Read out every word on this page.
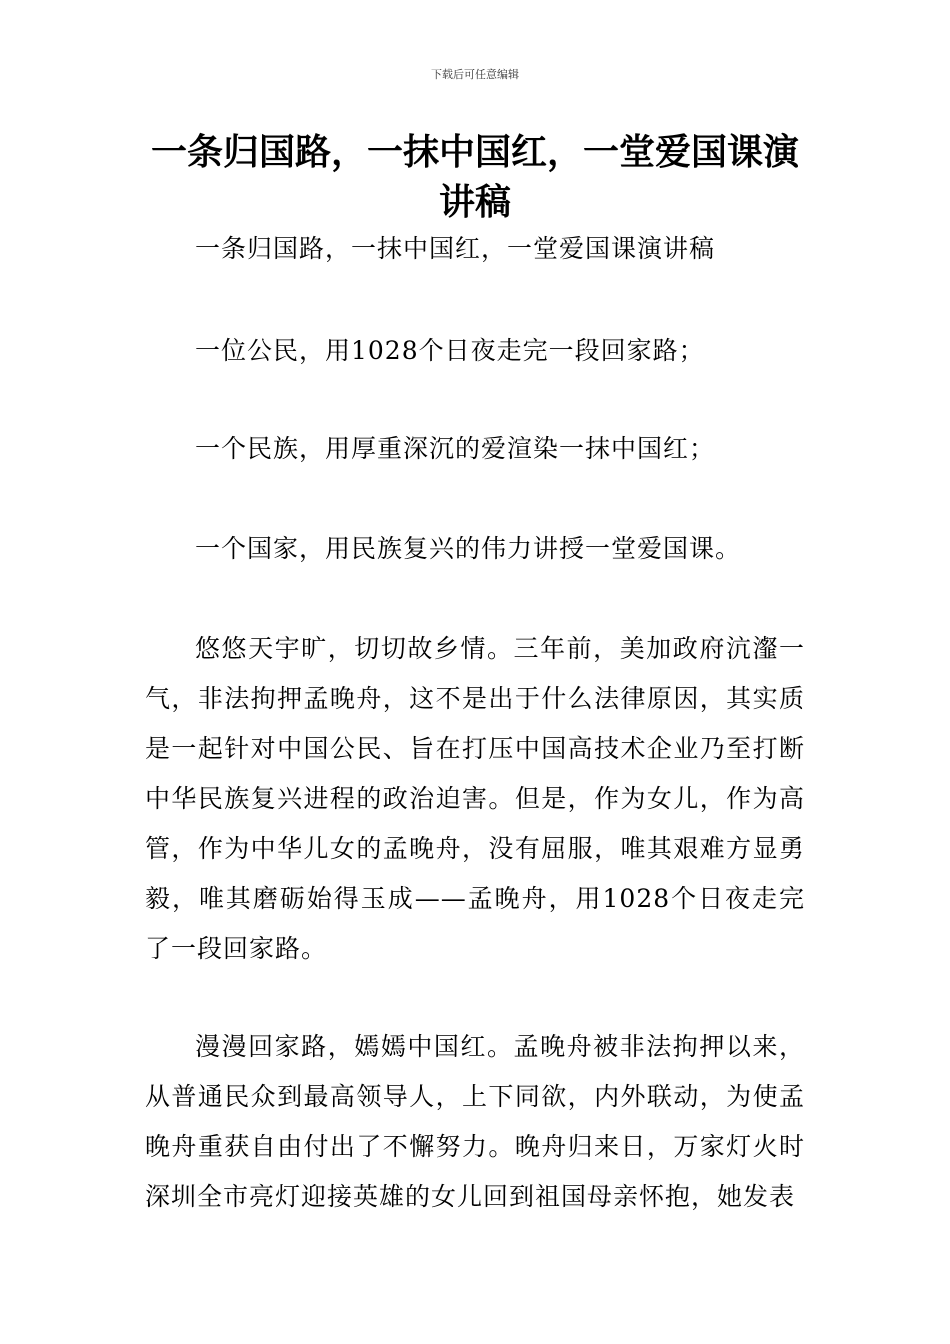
下载后可任意编辑
一条归国路，一抹中国红，一堂爱国课演讲稿

一条归国路，一抹中国红，一堂爱国课演讲稿

一位公民，用1028个日夜走完一段回家路；

一个民族，用厚重深沉的爱渲染一抹中国红；

一个国家，用民族复兴的伟力讲授一堂爱国课。

悠悠天宇旷，切切故乡情。三年前，美加政府沆瀣一气，非法拘押孟晚舟，这不是出于什么法律原因，其实质是一起针对中国公民、旨在打压中国高技术企业乃至打断中华民族复兴进程的政治迫害。但是，作为女儿，作为高管，作为中华儿女的孟晚舟，没有屈服，唯其艰难方显勇毅，唯其磨砺始得玉成——孟晚舟，用1028个日夜走完了一段回家路。

漫漫回家路，嫣嫣中国红。孟晚舟被非法拘押以来，从普通民众到最高领导人，上下同欲，内外联动，为使孟晚舟重获自由付出了不懈努力。晚舟归来日，万家灯火时深圳全市亮灯迎接英雄的女儿回到祖国母亲怀抱，她发表
